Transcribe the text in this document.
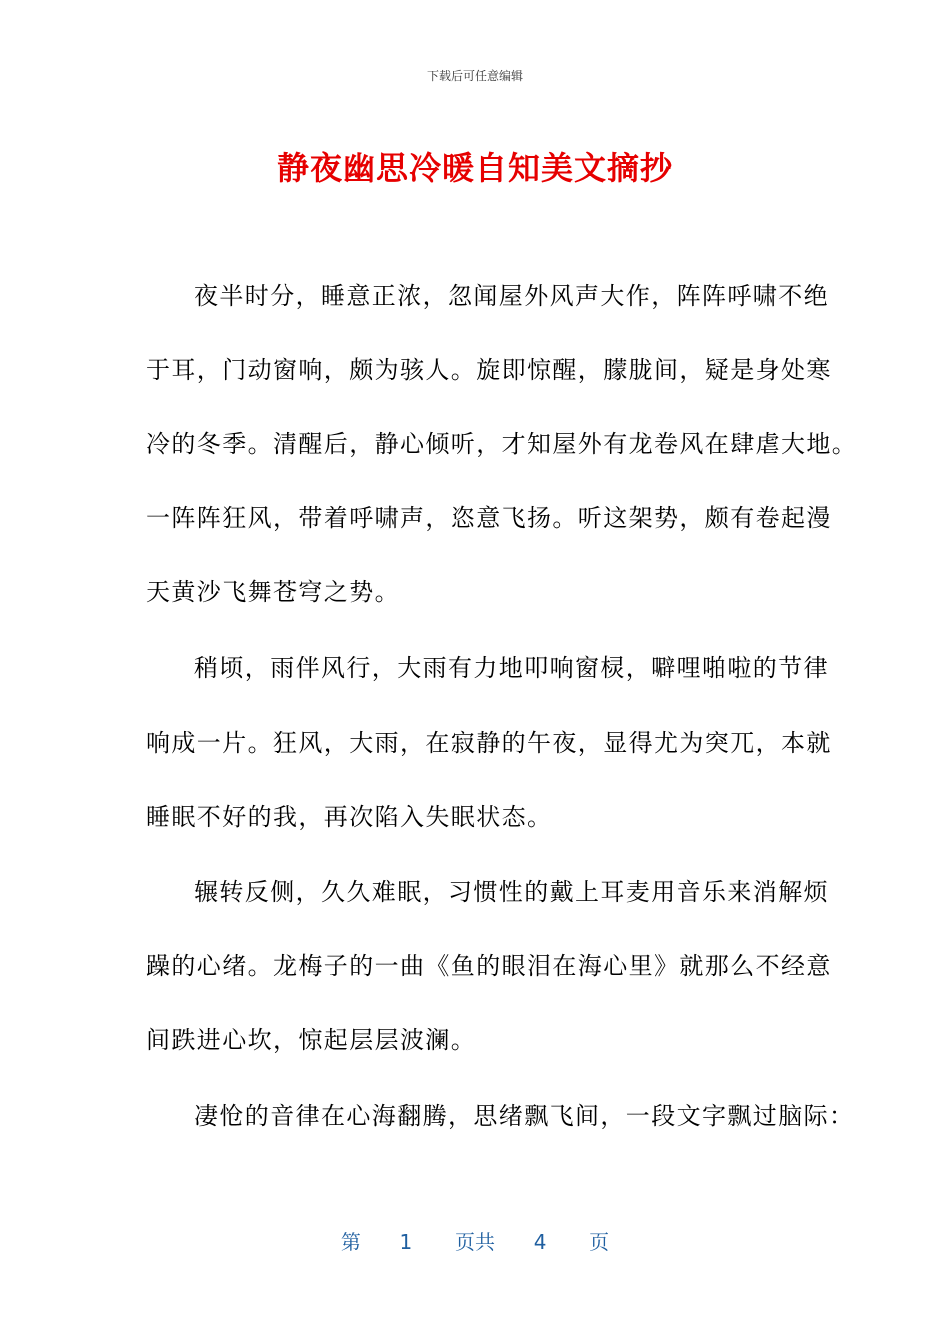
下载后可任意编辑
静夜幽思冷暖自知美文摘抄
夜半时分，睡意正浓，忽闻屋外风声大作，阵阵呼啸不绝
于耳，门动窗响，颇为骇人。旋即惊醒，朦胧间，疑是身处寒
冷的冬季。清醒后，静心倾听，才知屋外有龙卷风在肆虐大地。
一阵阵狂风，带着呼啸声，恣意飞扬。听这架势，颇有卷起漫
天黄沙飞舞苍穹之势。
稍顷，雨伴风行，大雨有力地叩响窗棂，噼哩啪啦的节律
响成一片。狂风，大雨，在寂静的午夜，显得尤为突兀，本就
睡眠不好的我，再次陷入失眠状态。
辗转反侧，久久难眠，习惯性的戴上耳麦用音乐来消解烦
躁的心绪。龙梅子的一曲《鱼的眼泪在海心里》就那么不经意
间跌进心坎，惊起层层波澜。
凄怆的音律在心海翻腾，思绪飘飞间，一段文字飘过脑际：
第 1 页共 4 页
